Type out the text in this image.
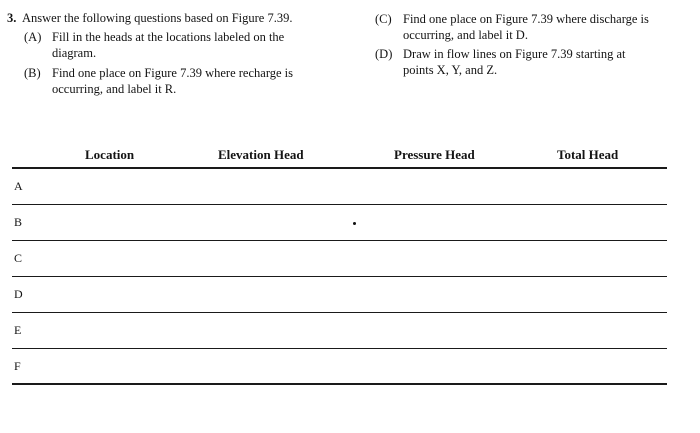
3. Answer the following questions based on Figure 7.39.
(A) Fill in the heads at the locations labeled on the
diagram.
(B) Find one place on Figure 7.39 where recharge is
occurring, and label it R.
(C) Find one place on Figure 7.39 where discharge is
occurring, and label it D.
(D) Draw in flow lines on Figure 7.39 starting at
points X, Y, and Z.
Location	Elevation Head	Pressure Head	Total Head
A
B
C
D
E
F
